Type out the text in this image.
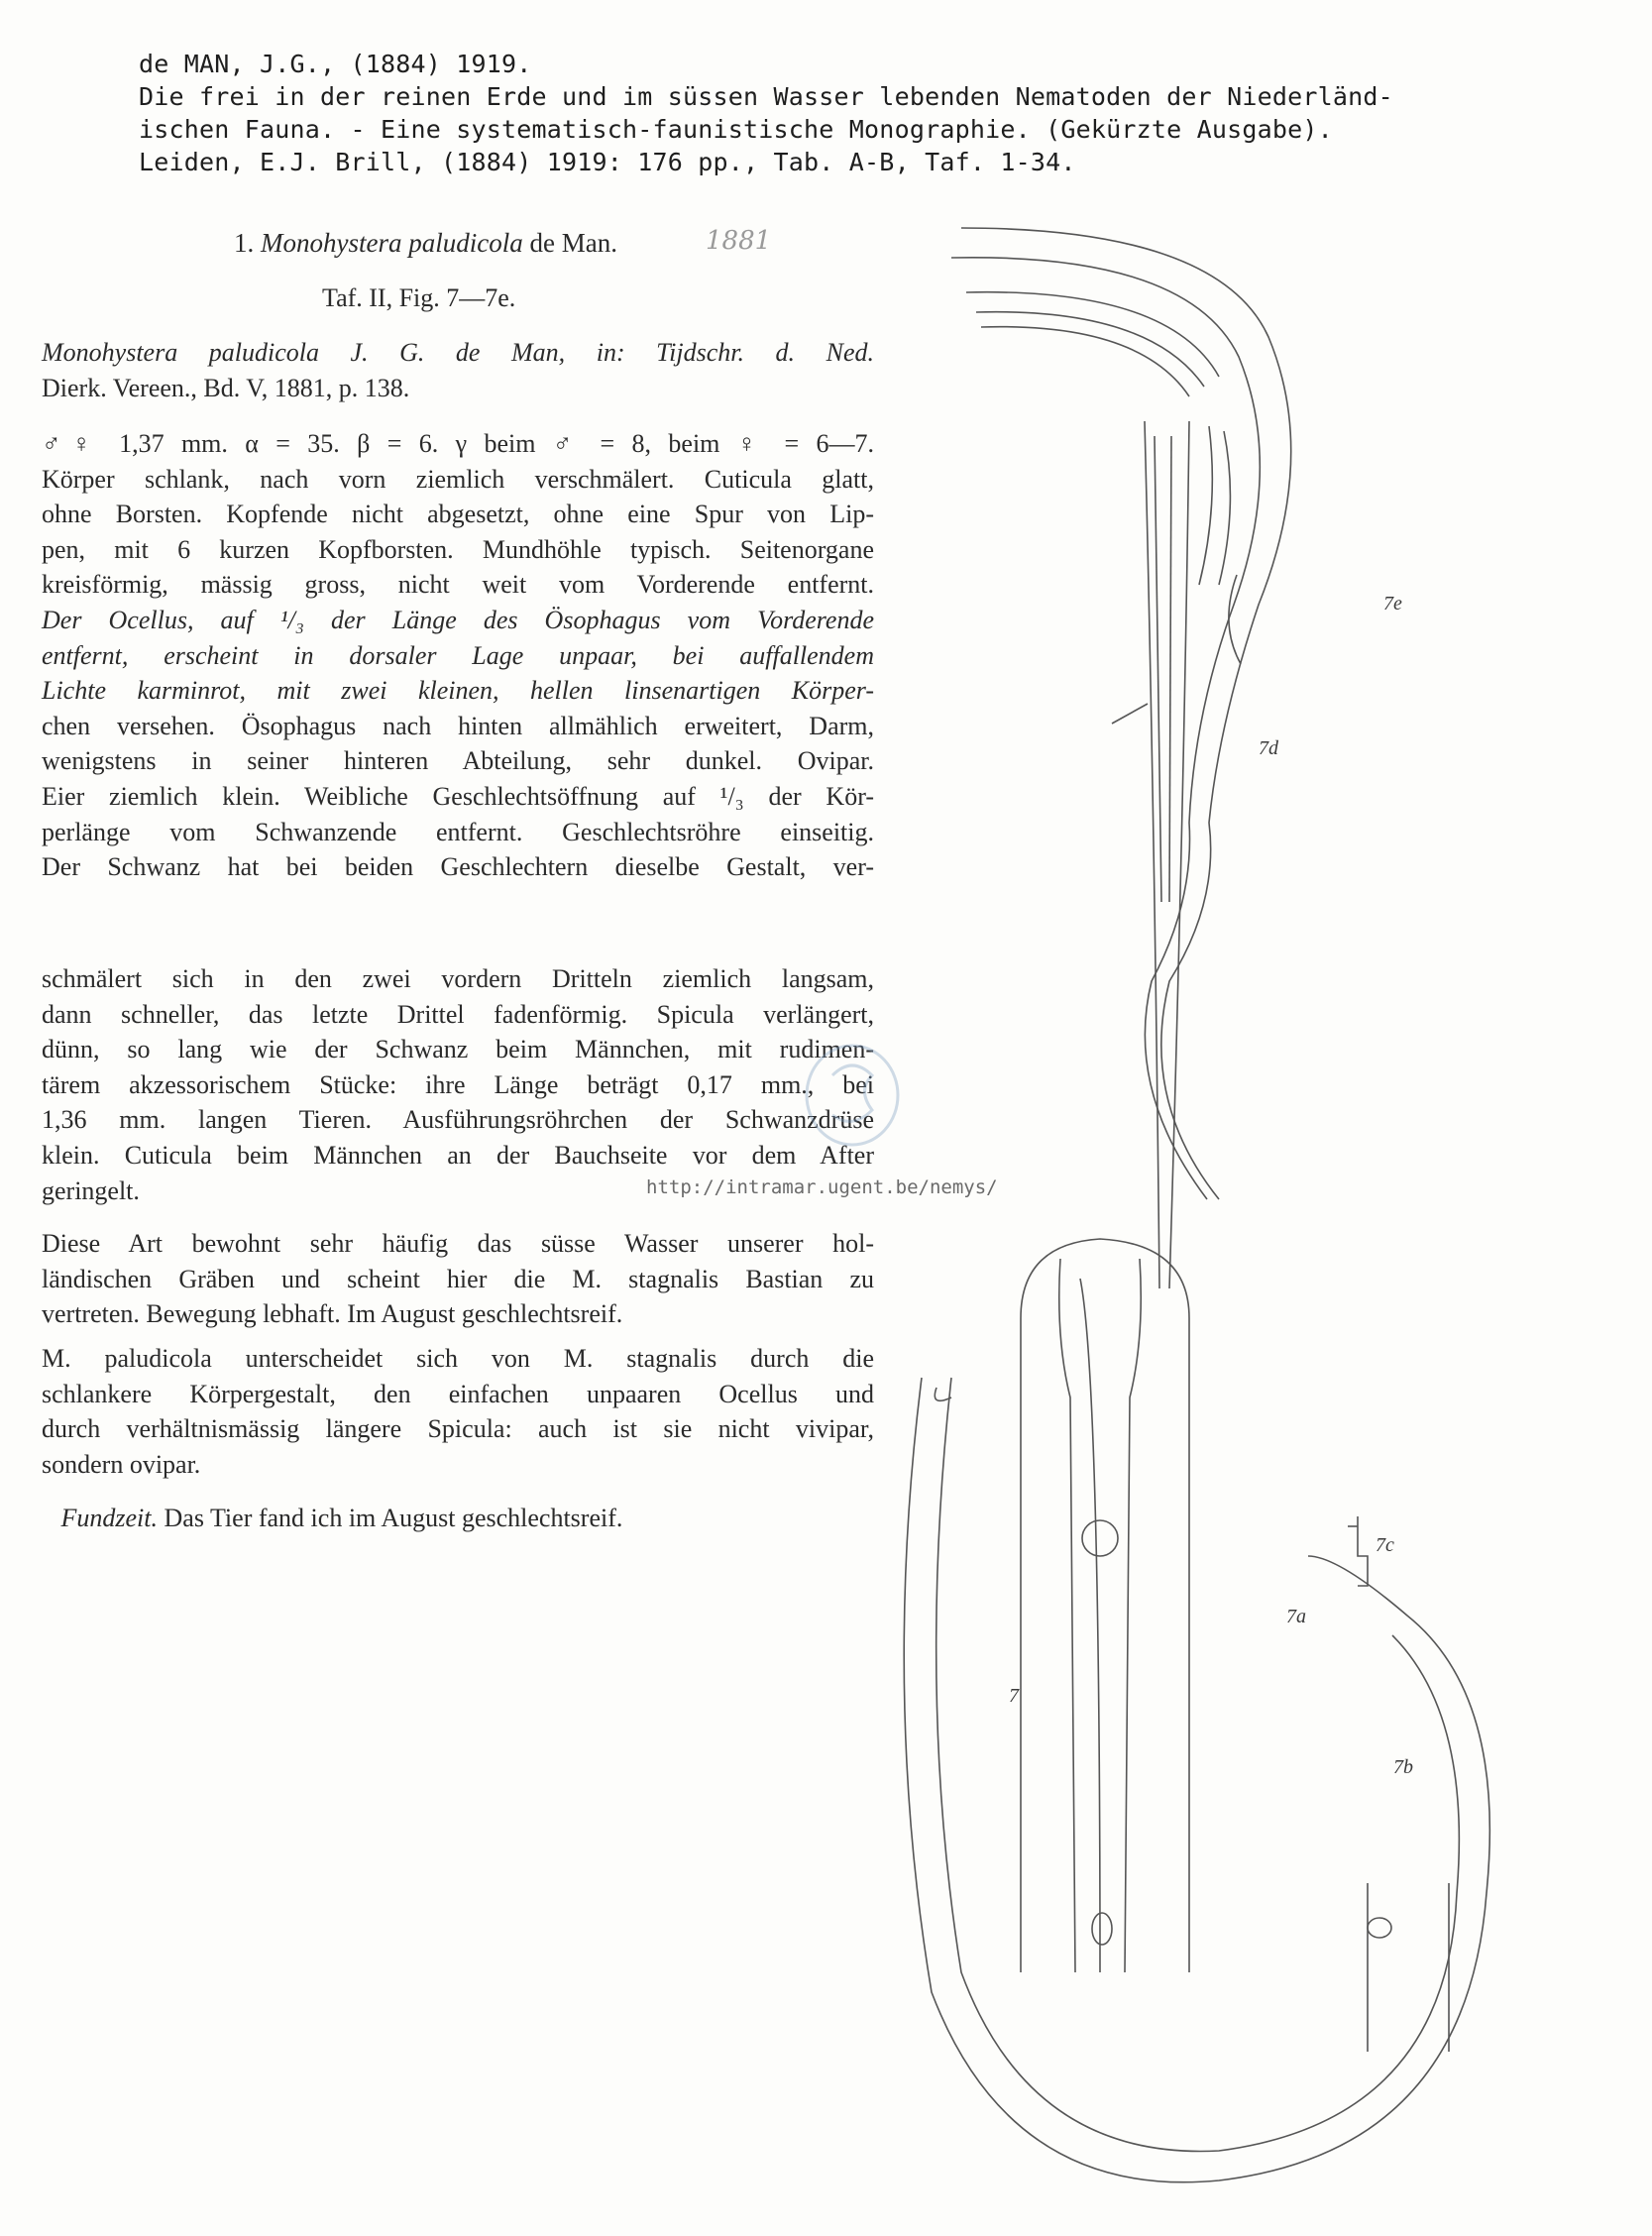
de MAN, J.G., (1884) 1919.
Die frei in der reinen Erde und im süssen Wasser lebenden Nematoden der Niederländ-
ischen Fauna. - Eine systematisch-faunistische Monographie. (Gekürzte Ausgabe).
Leiden, E.J. Brill, (1884) 1919: 176 pp., Tab. A-B, Taf. 1-34.
1. Monohystera paludicola de Man.	1881
Taf. II, Fig. 7—7e.
Monohystera paludicola J. G. de Man, in: Tijdschr. d. Ned.
Dierk. Vereen., Bd. V, 1881, p. 138.
♂♀ 1,37 mm. α = 35. β = 6. γ beim ♂ = 8, beim ♀ = 6—7.
Körper schlank, nach vorn ziemlich verschmälert. Cuticula glatt,
ohne Borsten. Kopfende nicht abgesetzt, ohne eine Spur von Lip-
pen, mit 6 kurzen Kopfborsten. Mundhöhle typisch. Seitenorgane
kreisförmig, mässig gross, nicht weit vom Vorderende entfernt.
Der Ocellus, auf ¹/₃ der Länge des Ösophagus vom Vorderende
entfernt, erscheint in dorsaler Lage unpaar, bei auffallendem
Lichte karminrot, mit zwei kleinen, hellen linsenartigen Körper-
chen versehen. Ösophagus nach hinten allmählich erweitert, Darm,
wenigstens in seiner hinteren Abteilung, sehr dunkel. Ovipar.
Eier ziemlich klein. Weibliche Geschlechtsöffnung auf ¹/₃ der Kör-
perlänge vom Schwanzende entfernt. Geschlechtsröhre einseitig.
Der Schwanz hat bei beiden Geschlechtern dieselbe Gestalt, ver-
schmälert sich in den zwei vordern Dritteln ziemlich langsam,
dann schneller, das letzte Drittel fadenförmig. Spicula verlängert,
dünn, so lang wie der Schwanz beim Männchen, mit rudimen-
tärem akzessorischem Stücke: ihre Länge beträgt 0,17 mm., bei
1,36 mm. langen Tieren. Ausführungsröhrchen der Schwanzdrüse
klein. Cuticula beim Männchen an der Bauchseite vor dem After
geringelt.
Diese Art bewohnt sehr häufig das süsse Wasser unserer hol-
ländischen Gräben und scheint hier die M. stagnalis Bastian zu
vertreten. Bewegung lebhaft. Im August geschlechtsreif.
M. paludicola unterscheidet sich von M. stagnalis durch die
schlankere Körpergestalt, den einfachen unpaaren Ocellus und
durch verhältnismässig längere Spicula: auch ist sie nicht vivipar,
sondern ovipar.
Fundzeit. Das Tier fand ich im August geschlechtsreif.
http://intramar.ugent.be/nemys/
7e
7d
7c
7a
7
7b
